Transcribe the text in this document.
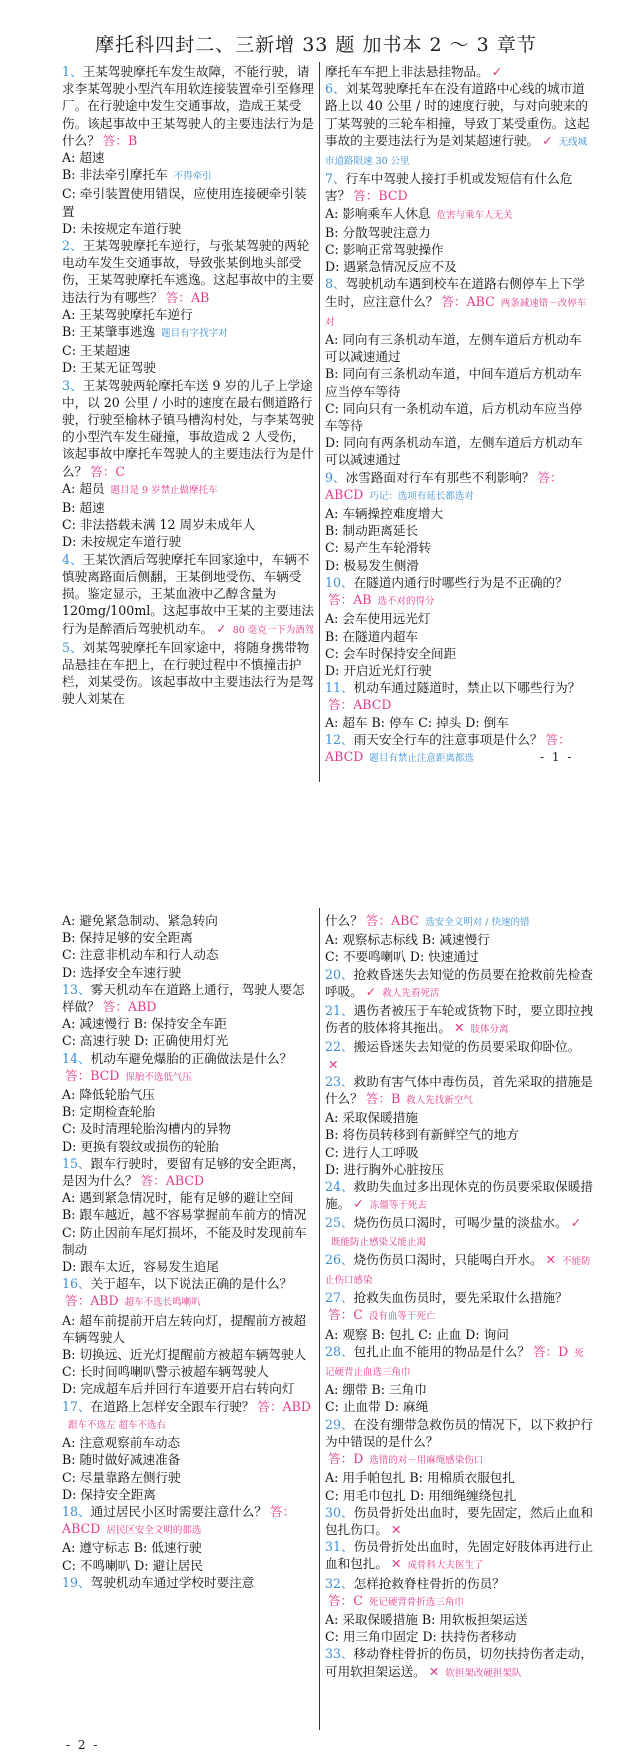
摩托科四封二、三新增 33 题 加书本 2 ～ 3 章节
1、王某驾驶摩托车发生故障，不能行驶，请求李某驾驶小型汽车用软连接装置牵引至修理厂。在行驶途中发生交通事故，造成王某受伤。该起事故中王某驾驶人的主要违法行为是什么？ 答：B
A: 超速
B: 非法牵引摩托车 不得牵引
C: 牵引装置使用错误，应使用连接硬牵引装置
D: 未按规定车道行驶
2、王某驾驶摩托车逆行，与张某驾驶的两轮电动车发生交通事故，导致张某倒地头部受伤，王某驾驶摩托车逃逸。这起事故中的主要违法行为有哪些？ 答：AB
A: 王某驾驶摩托车逆行
B: 王某肇事逃逸 题目有字找字对
C: 王某超速
D: 王某无证驾驶
3、王某驾驶两轮摩托车送 9 岁的儿子上学途中，以 20 公里 / 小时的速度在最右侧道路行驶，行驶至榆林子镇马槽沟村处，与李某驾驶的小型汽车发生碰撞，事故造成 2 人受伤，该起事故中摩托车驾驶人的主要违法行为是什么？ 答：C
A: 超员 题目是 9 岁禁止做摩托车
B: 超速
C: 非法搭载未满 12 周岁未成年人
D: 未按规定车道行驶
4、王某饮酒后驾驶摩托车回家途中，车辆不慎驶离路面后侧翻，王某倒地受伤、车辆受损。鉴定显示，王某血液中乙醇含量为 120mg/100ml。这起事故中王某的主要违法行为是醉酒后驾驶机动车。 ✓ 80 毫克一下为酒驾
5、刘某驾驶摩托车回家途中，将随身携带物品悬挂在车把上，在行驶过程中不慎撞击护栏，刘某受伤。该起事故中主要违法行为是驾驶人刘某在
摩托车车把上非法悬挂物品。 ✓
6、刘某驾驶摩托车在没有道路中心线的城市道路上以 40 公里 / 时的速度行驶，与对向驶来的丁某驾驶的三轮车相撞，导致丁某受重伤。这起事故的主要违法行为是刘某超速行驶。 ✓ 无线城市道路限速 30 公里
7、行车中驾驶人接打手机或发短信有什么危害？ 答：BCD
A: 影响乘车人休息 危害与乘车人无关
B: 分散驾驶注意力
C: 影响正常驾驶操作
D: 遇紧急情况反应不及
8、驾驶机动车遇到校车在道路右侧停车上下学生时，应注意什么？ 答：ABC 两条减速错－改停车对
A: 同向有三条机动车道，左侧车道后方机动车可以减速通过
B: 同向有三条机动车道，中间车道后方机动车应当停车等待
C: 同向只有一条机动车道，后方机动车应当停车等待
D: 同向有两条机动车道，左侧车道后方机动车可以减速通过
9、冰雪路面对行车有那些不利影响？ 答：ABCD 巧记：选项有延长都选对
A: 车辆操控难度增大
B: 制动距离延长
C: 易产生车轮滑转
D: 极易发生侧滑
10、在隧道内通行时哪些行为是不正确的？答：AB 选不对的得分
A: 会车使用远光灯
B: 在隧道内超车
C: 会车时保持安全间距
D: 开启近光灯行驶
11、机动车通过隧道时，禁止以下哪些行为？答：ABCD
A: 超车 B: 停车 C: 掉头 D: 倒车
12、雨天安全行车的注意事项是什么？ 答：ABCD 题目有禁止注意距离都选	- 1 -
A: 避免紧急制动、紧急转向
B: 保持足够的安全距离
C: 注意非机动车和行人动态
D: 选择安全车速行驶
13、雾天机动车在道路上通行，驾驶人要怎样做？ 答：ABD
A: 减速慢行 B: 保持安全车距
C: 高速行驶 D: 正确使用灯光
14、机动车避免爆胎的正确做法是什么？答：BCD 保胎不选低气压
A: 降低轮胎气压
B: 定期检查轮胎
C: 及时清理轮胎沟槽内的异物
D: 更换有裂纹或损伤的轮胎
15、跟车行驶时，要留有足够的安全距离，是因为什么？ 答：ABCD
A: 遇到紧急情况时，能有足够的避让空间
B: 跟车越近，越不容易掌握前车前方的情况
C: 防止因前车尾灯损坏，不能及时发现前车制动
D: 跟车太近，容易发生追尾
16、关于超车，以下说法正确的是什么？答：ABD 超车不选长鸣喇叭
A: 超车前提前开启左转向灯，提醒前方被超车辆驾驶人
B: 切换远、近光灯提醒前方被超车辆驾驶人
C: 长时间鸣喇叭警示被超车辆驾驶人
D: 完成超车后并回行车道要开启右转向灯
17、在道路上怎样安全跟车行驶？ 答：ABD跟车不选左 超车不选右
A: 注意观察前车动态
B: 随时做好减速准备
C: 尽量靠路左侧行驶
D: 保持安全距离
18、通过居民小区时需要注意什么？ 答：ABCD 居民区安全文明的都选
A: 遵守标志 B: 低速行驶
C: 不鸣喇叭 D: 避让居民
19、驾驶机动车通过学校时要注意
什么？ 答：ABC 选安全文明对 / 快速的错
A: 观察标志标线 B: 减速慢行
C: 不要鸣喇叭 D: 快速通过
20、抢救昏迷失去知觉的伤员要在抢救前先检查呼吸。 ✓ 救人先看死活
21、遇伤者被压于车轮或货物下时，要立即拉拽伤者的肢体将其拖出。 ✕ 肢体分离
22、搬运昏迷失去知觉的伤员要采取仰卧位。✕
23、救助有害气体中毒伤员，首先采取的措施是什么？ 答：B 救人先找新空气
A: 采取保暖措施
B: 将伤员转移到有新鲜空气的地方
C: 进行人工呼吸
D: 进行胸外心脏按压
24、救助失血过多出现休克的伤员要采取保暖措施。 ✓ 冻僵等于死去
25、烧伤伤员口渴时，可喝少量的淡盐水。 ✓既能防止感染又能止渴
26、烧伤伤员口渴时，只能喝白开水。 ✕ 不能防止伤口感染
27、抢救失血伤员时，要先采取什么措施？答：C 没有血等于死亡
A: 观察 B: 包扎 C: 止血 D: 询问
28、包扎止血不能用的物品是什么？ 答：D 死记硬背止血选三角巾
A: 绷带 B: 三角巾
C: 止血带 D: 麻绳
29、在没有绷带急救伤员的情况下，以下救护行为中错误的是什么？
答：D 选错的对－用麻绳感染伤口
A: 用手帕包扎 B: 用棉质衣服包扎
C: 用毛巾包扎 D: 用细绳缠绕包扎
30、伤员骨折处出血时，要先固定，然后止血和包扎伤口。 ✕
31、伤员骨折处出血时，先固定好肢体再进行止血和包扎。 ✕ 成骨科大夫医生了
32、怎样抢救脊柱骨折的伤员？
答：C 死记硬背骨折选三角巾
A: 采取保暖措施 B: 用软板担架运送
C: 用三角巾固定 D: 扶持伤者移动
33、移动脊柱骨折的伤员，切勿扶持伤者走动，可用软担架运送。 ✕ 软担架改硬担架队
- 2 -
